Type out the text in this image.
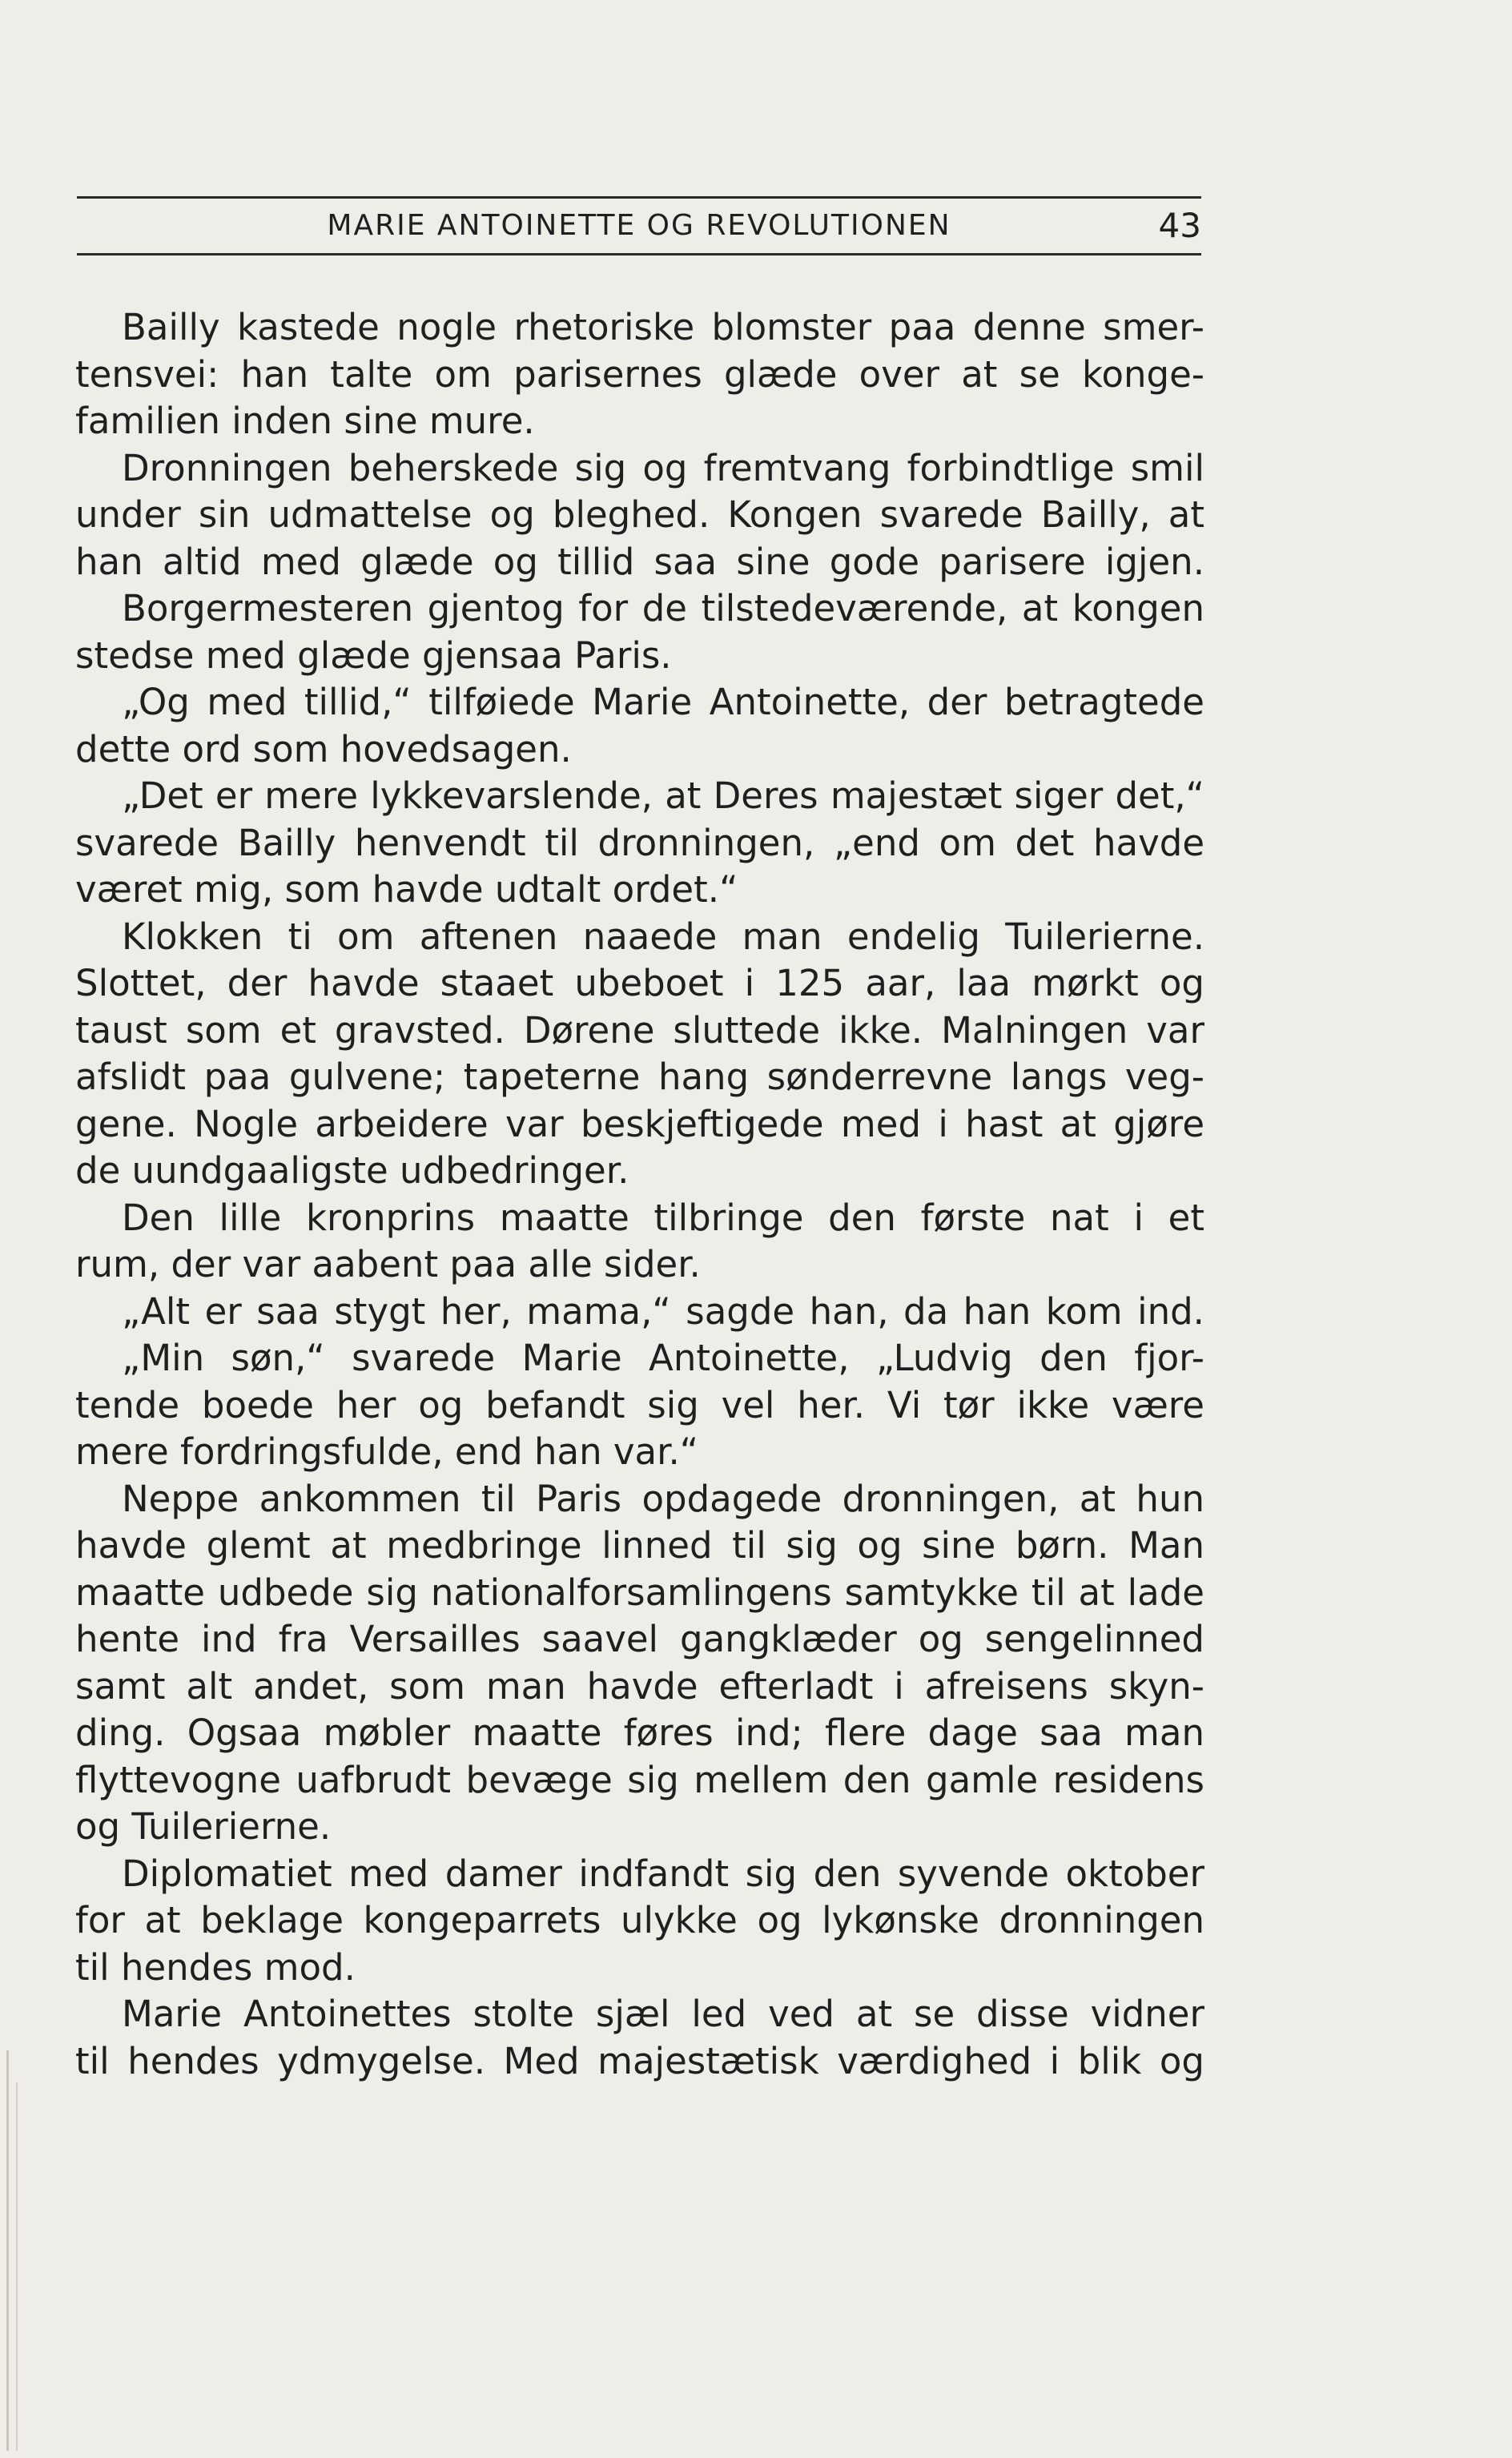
MARIE ANTOINETTE OG REVOLUTIONEN	43
Bailly kastede nogle rhetoriske blomster paa denne smer-
tensvei: han talte om parisernes glæde over at se konge-
familien inden sine mure.
Dronningen beherskede sig og fremtvang forbindtlige smil
under sin udmattelse og bleghed. Kongen svarede Bailly, at
han altid med glæde og tillid saa sine gode parisere igjen.
Borgermesteren gjentog for de tilstedeværende, at kongen
stedse med glæde gjensaa Paris.
„Og med tillid,“ tilføiede Marie Antoinette, der betragtede
dette ord som hovedsagen.
„Det er mere lykkevarslende, at Deres majestæt siger det,“
svarede Bailly henvendt til dronningen, „end om det havde
været mig, som havde udtalt ordet.“
Klokken ti om aftenen naaede man endelig Tuilerierne.
Slottet, der havde staaet ubeboet i 125 aar, laa mørkt og
taust som et gravsted. Dørene sluttede ikke. Malningen var
afslidt paa gulvene; tapeterne hang sønderrevne langs veg-
gene. Nogle arbeidere var beskjeftigede med i hast at gjøre
de uundgaaligste udbedringer.
Den lille kronprins maatte tilbringe den første nat i et
rum, der var aabent paa alle sider.
„Alt er saa stygt her, mama,“ sagde han, da han kom ind.
„Min søn,“ svarede Marie Antoinette, „Ludvig den fjor-
tende boede her og befandt sig vel her. Vi tør ikke være
mere fordringsfulde, end han var.“
Neppe ankommen til Paris opdagede dronningen, at hun
havde glemt at medbringe linned til sig og sine børn. Man
maatte udbede sig nationalforsamlingens samtykke til at lade
hente ind fra Versailles saavel gangklæder og sengelinned
samt alt andet, som man havde efterladt i afreisens skyn-
ding. Ogsaa møbler maatte føres ind; flere dage saa man
flyttevogne uafbrudt bevæge sig mellem den gamle residens
og Tuilerierne.
Diplomatiet med damer indfandt sig den syvende oktober
for at beklage kongeparrets ulykke og lykønske dronningen
til hendes mod.
Marie Antoinettes stolte sjæl led ved at se disse vidner
til hendes ydmygelse. Med majestætisk værdighed i blik og
